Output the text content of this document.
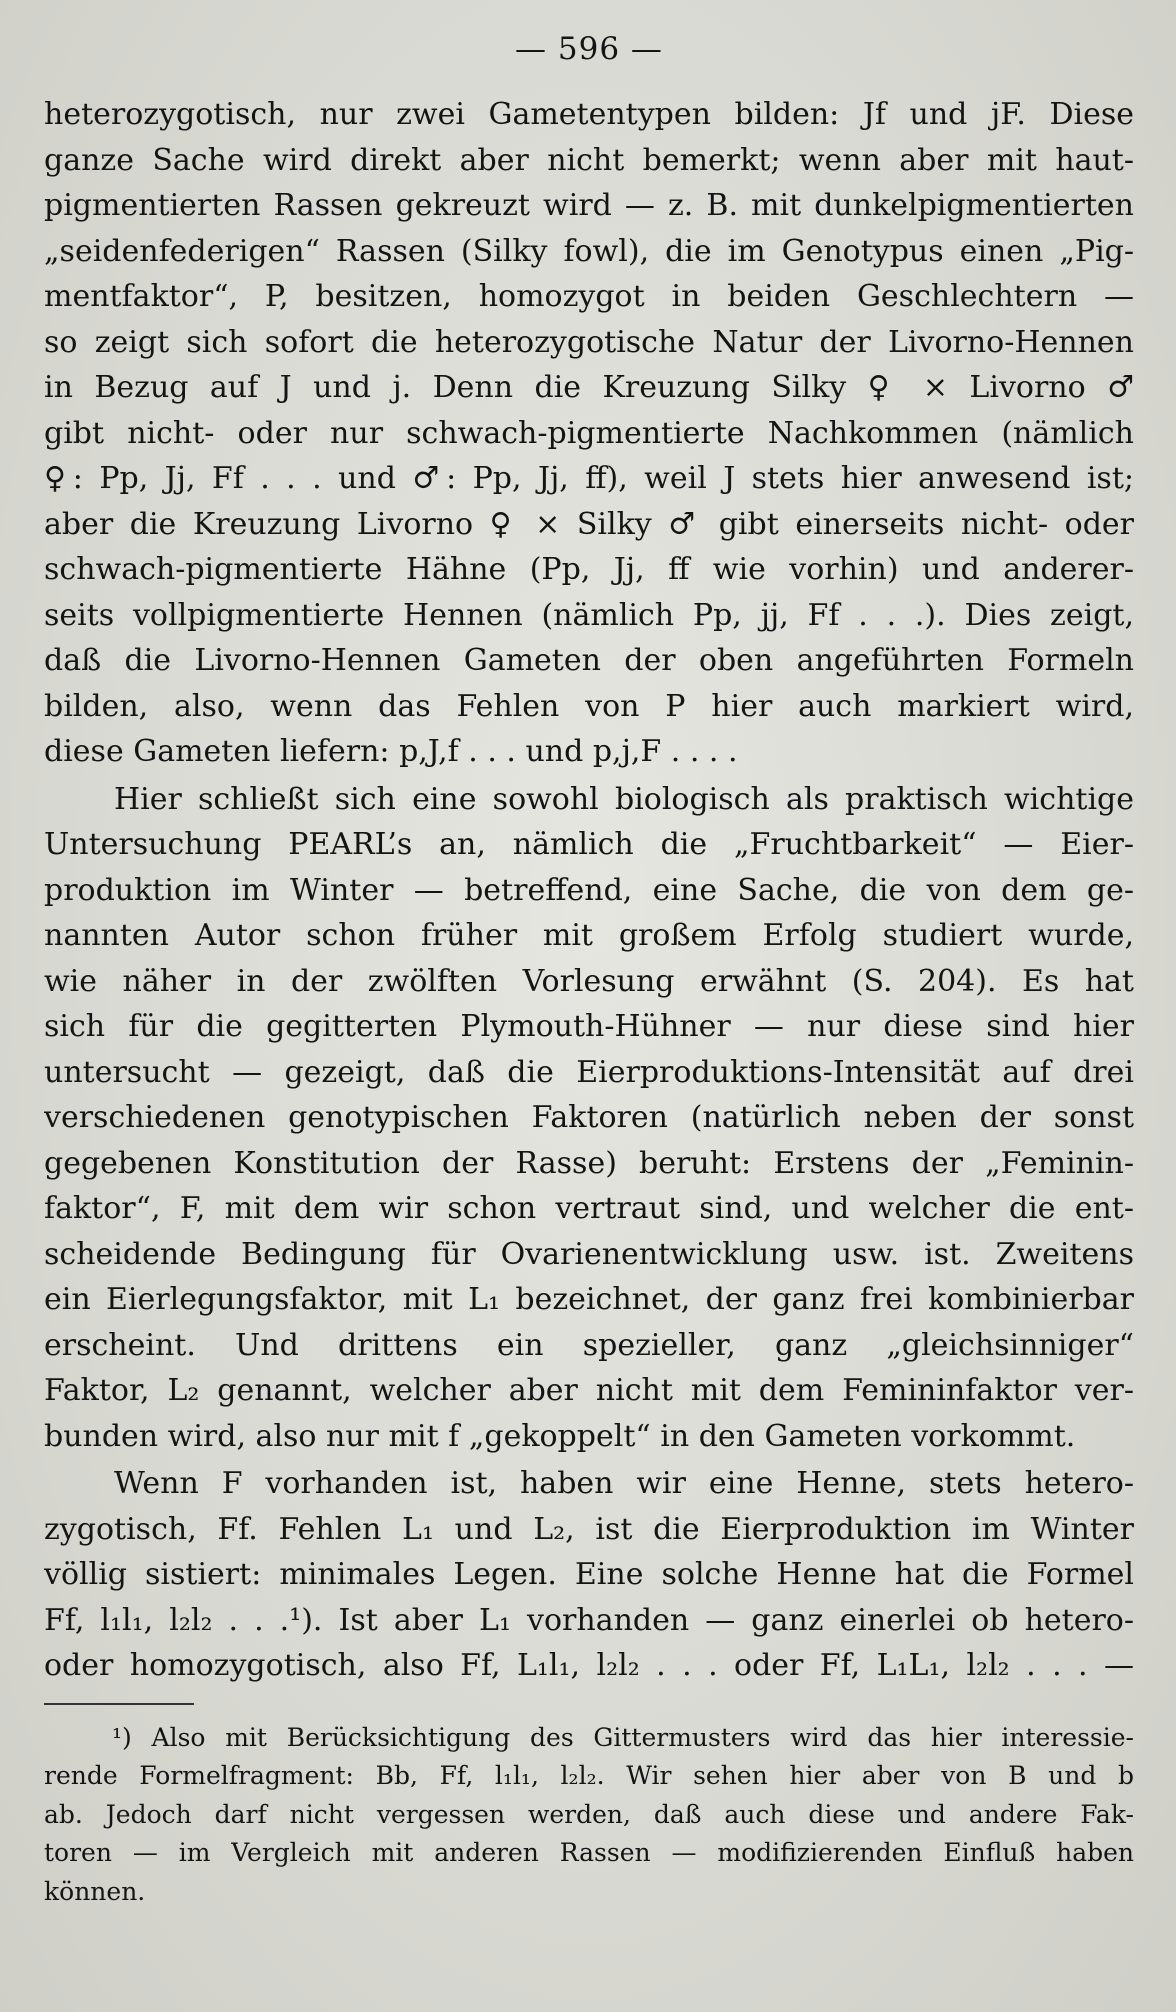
— 596 —
heterozygotisch, nur zwei Gametentypen bilden: Jf und jF. Diese
ganze Sache wird direkt aber nicht bemerkt; wenn aber mit haut-
pigmentierten Rassen gekreuzt wird — z. B. mit dunkelpigmentierten
„seidenfederigen“ Rassen (Silky fowl), die im Genotypus einen „Pig-
mentfaktor“, P, besitzen, homozygot in beiden Geschlechtern —
so zeigt sich sofort die heterozygotische Natur der Livorno-Hennen
in Bezug auf J und j. Denn die Kreuzung Silky ♀ × Livorno ♂
gibt nicht- oder nur schwach-pigmentierte Nachkommen (nämlich
♀: Pp, Jj, Ff . . . und ♂: Pp, Jj, ff), weil J stets hier anwesend ist;
aber die Kreuzung Livorno ♀ × Silky ♂ gibt einerseits nicht- oder
schwach-pigmentierte Hähne (Pp, Jj, ff wie vorhin) und anderer-
seits vollpigmentierte Hennen (nämlich Pp, jj, Ff . . .). Dies zeigt,
daß die Livorno-Hennen Gameten der oben angeführten Formeln
bilden, also, wenn das Fehlen von P hier auch markiert wird,
diese Gameten liefern: p,J,f . . . und p,j,F . . . .
Hier schließt sich eine sowohl biologisch als praktisch wichtige
Untersuchung PEARL’s an, nämlich die „Fruchtbarkeit“ — Eier-
produktion im Winter — betreffend, eine Sache, die von dem ge-
nannten Autor schon früher mit großem Erfolg studiert wurde,
wie näher in der zwölften Vorlesung erwähnt (S. 204). Es hat
sich für die gegitterten Plymouth-Hühner — nur diese sind hier
untersucht — gezeigt, daß die Eierproduktions-Intensität auf drei
verschiedenen genotypischen Faktoren (natürlich neben der sonst
gegebenen Konstitution der Rasse) beruht: Erstens der „Feminin-
faktor“, F, mit dem wir schon vertraut sind, und welcher die ent-
scheidende Bedingung für Ovarienentwicklung usw. ist. Zweitens
ein Eierlegungsfaktor, mit L₁ bezeichnet, der ganz frei kombinierbar
erscheint. Und drittens ein spezieller, ganz „gleichsinniger“
Faktor, L₂ genannt, welcher aber nicht mit dem Femininfaktor ver-
bunden wird, also nur mit f „gekoppelt“ in den Gameten vorkommt.
Wenn F vorhanden ist, haben wir eine Henne, stets hetero-
zygotisch, Ff. Fehlen L₁ und L₂, ist die Eierproduktion im Winter
völlig sistiert: minimales Legen. Eine solche Henne hat die Formel
Ff, l₁l₁, l₂l₂ . . .¹). Ist aber L₁ vorhanden — ganz einerlei ob hetero-
oder homozygotisch, also Ff, L₁l₁, l₂l₂ . . . oder Ff, L₁L₁, l₂l₂ . . . —
¹) Also mit Berücksichtigung des Gittermusters wird das hier interessie-
rende Formelfragment: Bb, Ff, l₁l₁, l₂l₂. Wir sehen hier aber von B und b
ab. Jedoch darf nicht vergessen werden, daß auch diese und andere Fak-
toren — im Vergleich mit anderen Rassen — modifizierenden Einfluß haben
können.
